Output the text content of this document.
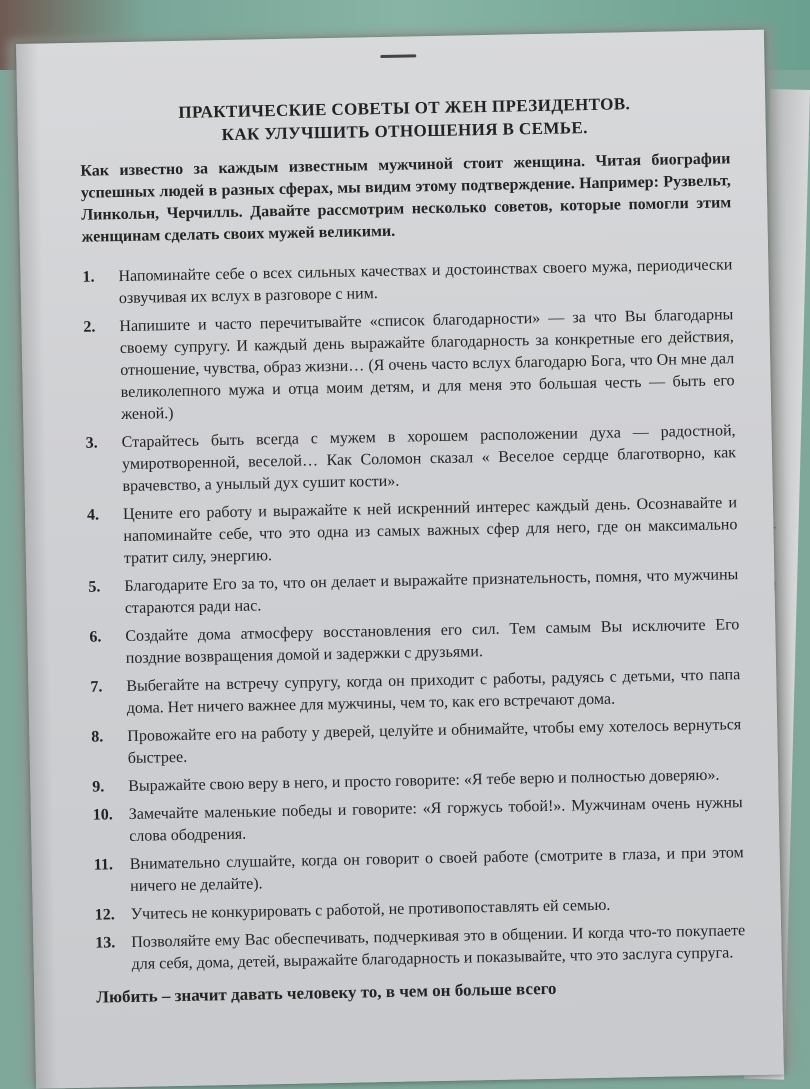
ПРАКТИЧЕСКИЕ СОВЕТЫ ОТ ЖЕН ПРЕЗИДЕНТОВ.
КАК УЛУЧШИТЬ ОТНОШЕНИЯ В СЕМЬЕ.
Как известно за каждым известным мужчиной стоит женщина. Читая биографии успешных людей в разных сферах, мы видим этому подтверждение. Например: Рузвельт, Линкольн, Черчилль. Давайте рассмотрим несколько советов, которые помогли этим женщинам сделать своих мужей великими.
1.	Напоминайте себе о всех сильных качествах и достоинствах своего мужа, периодически озвучивая их вслух в разговоре с ним.
2.	Напишите и часто перечитывайте «список благодарности» — за что Вы благодарны своему супругу. И каждый день выражайте благодарность за конкретные его действия, отношение, чувства, образ жизни… (Я очень часто вслух благодарю Бога, что Он мне дал великолепного мужа и отца моим детям, и для меня это большая честь — быть его женой.)
3.	Старайтесь быть всегда с мужем в хорошем расположении духа — радостной, умиротворенной, веселой… Как Соломон сказал « Веселое сердце благотворно, как врачевство, а унылый дух сушит кости».
4.	Цените его работу и выражайте к ней искренний интерес каждый день. Осознавайте и напоминайте себе, что это одна из самых важных сфер для него, где он максимально тратит силу, энергию.
5.	Благодарите Его за то, что он делает и выражайте признательность, помня, что мужчины стараются ради нас.
6.	Создайте дома атмосферу восстановления его сил. Тем самым Вы исключите Его поздние возвращения домой и задержки с друзьями.
7.	Выбегайте на встречу супругу, когда он приходит с работы, радуясь с детьми, что папа дома. Нет ничего важнее для мужчины, чем то, как его встречают дома.
8.	Провожайте его на работу у дверей, целуйте и обнимайте, чтобы ему хотелось вернуться быстрее.
9.	Выражайте свою веру в него, и просто говорите: «Я тебе верю и полностью доверяю».
10. Замечайте маленькие победы и говорите: «Я горжусь тобой!». Мужчинам очень нужны слова ободрения.
11.	Внимательно слушайте, когда он говорит о своей работе (смотрите в глаза, и при этом ничего не делайте).
12. Учитесь не конкурировать с работой, не противопоставлять ей семью.
13. Позволяйте ему Вас обеспечивать, подчеркивая это в общении. И когда что-то покупаете для себя, дома, детей, выражайте благодарность и показывайте, что это заслуга супруга.
Любить – значит давать человеку то, в чем он больше всего
